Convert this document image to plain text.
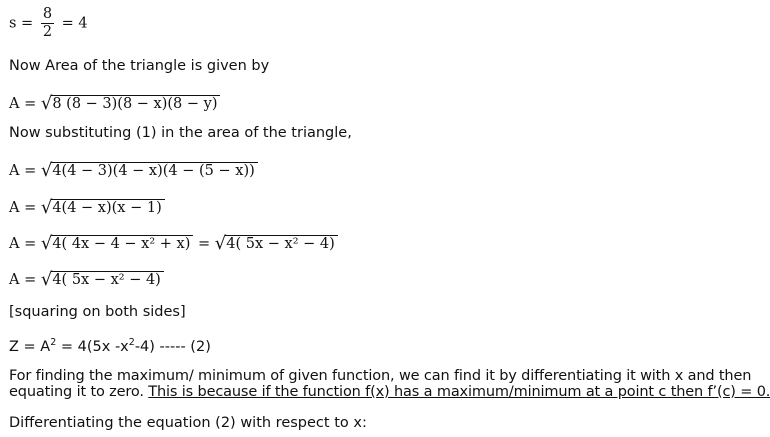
$s = \frac{8}{2} = 4$
Now Area of the triangle is given by
A = √8 (8 − 3)(8 − x)(8 − y)
Now substituting (1) in the area of the triangle,
A = √4(4 − 3)(4 − x)(4 − (5 − x))
A = √4(4 − x)(x − 1)
A = √4( 4x − 4 − x² + x) = √4( 5x − x² − 4)
A = √4( 5x − x² − 4)
[squaring on both sides]
$Z = A^2 = 4(5x$ $-x^2-4$) ----- (2)
For finding the maximum/ minimum of given function, we can find it by differentiating it with x and then
equating it to zero. This is because if the function f(x) has a maximum/minimum at a point c then f’(c) = 0.
Differentiating the equation (2) with respect to x:
